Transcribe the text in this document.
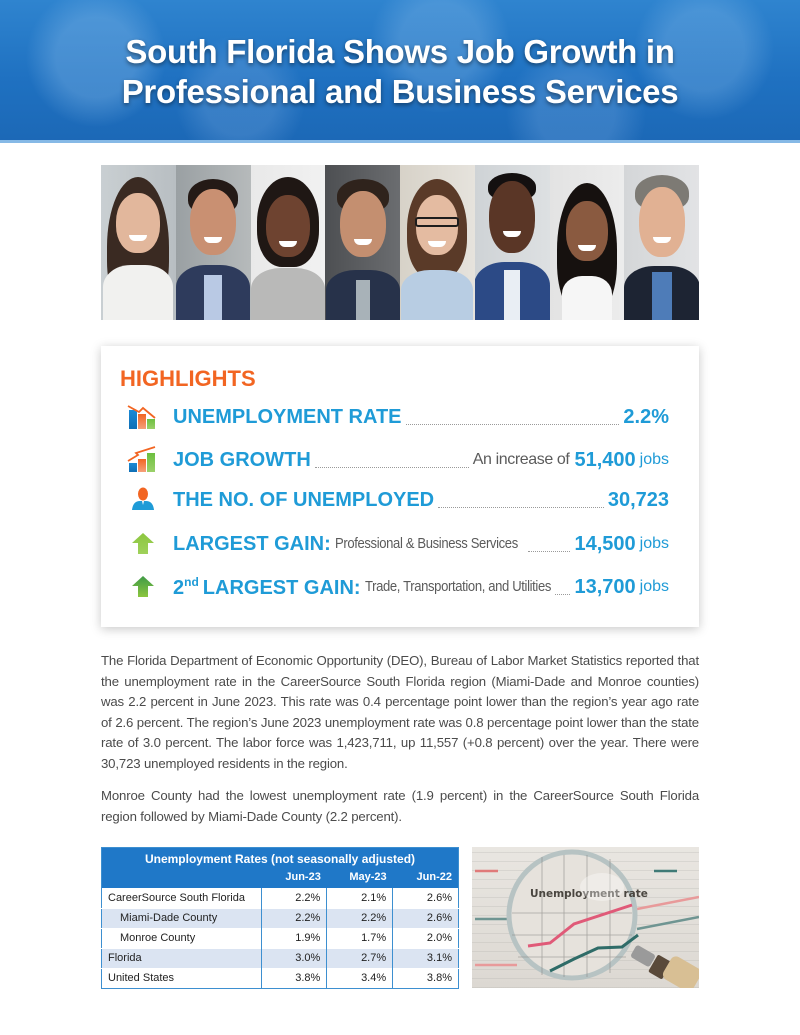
South Florida Shows Job Growth in
Professional and Business Services
HIGHLIGHTS
UNEMPLOYMENT RATE	2.2%
JOB GROWTH	An increase of 51,400 jobs
THE NO. OF UNEMPLOYED	30,723
LARGEST GAIN: Professional & Business Services	14,500 jobs
2nd LARGEST GAIN: Trade, Transportation, and Utilities 13,700 jobs

The Florida Department of Economic Opportunity (DEO), Bureau of Labor Market Statistics reported that the unemployment rate in the CareerSource South Florida region (Miami-Dade and Monroe counties) was 2.2 percent in June 2023. This rate was 0.4 percentage point lower than the region’s year ago rate of 2.6 percent. The region’s June 2023 unemployment rate was 0.8 percentage point lower than the state rate of 3.0 percent. The labor force was 1,423,711, up 11,557 (+0.8 percent) over the year. There were 30,723 unemployed residents in the region.

Monroe County had the lowest unemployment rate (1.9 percent) in the CareerSource South Florida region followed by Miami-Dade County (2.2 percent).

Unemployment Rates (not seasonally adjusted)			
	Jun-23	May-23	Jun-22
CareerSource South Florida	2.2%	2.1%	2.6%
Miami-Dade County	2.2%	2.2%	2.6%
Monroe County	1.9%	1.7%	2.0%
Florida	3.0%	2.7%	3.1%
United States	3.8%	3.4%	3.8%
Unemployment rate
